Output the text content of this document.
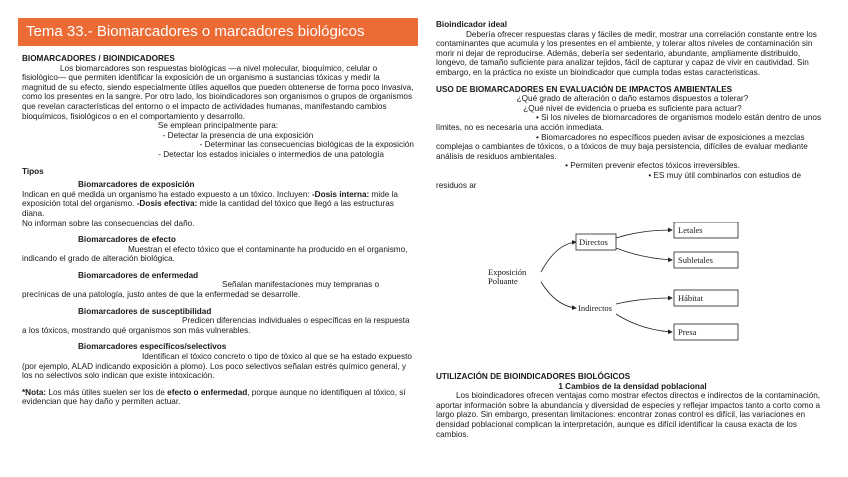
Tema 33.- Biomarcadores o marcadores biológicos

BIOMARCADORES / BIOINDICADORES

Los biomarcadores son respuestas biológicas —a nivel molecular, bioquímico, celular o fisiológico— que permiten identificar la exposición de un organismo a sustancias tóxicas y medir la magnitud de su efecto, siendo especialmente útiles aquellos que pueden obtenerse de forma poco invasiva, como los presentes en la sangre. Por otro lado, los bioindicadores son organismos o grupos de organismos que revelan características del entorno o el impacto de actividades humanas, manifestando cambios bioquímicos, fisiológicos o en el comportamiento y desarrollo.

Se emplean principalmente para:

- Detectar la presencia de una exposición

- Determinar las consecuencias biológicas de la exposición

- Detectar los estados iniciales o intermedios de una patología

Tipos

Biomarcadores de exposición

Indican en qué medida un organismo ha estado expuesto a un tóxico. Incluyen: -Dosis interna: mide la exposición total del organismo. -Dosis efectiva: mide la cantidad del tóxico que llegó a las estructuras diana.

No informan sobre las consecuencias del daño.

Biomarcadores de efecto

Muestran el efecto tóxico que el contaminante ha producido en el organismo, indicando el grado de alteración biológica.

Biomarcadores de enfermedad

Señalan manifestaciones muy tempranas o precínicas de una patología, justo antes de que la enfermedad se desarrolle.

Biomarcadores de susceptibilidad

Predicen diferencias individuales o específicas en la respuesta a los tóxicos, mostrando qué organismos son más vulnerables.

Biomarcadores específicos/selectivos

Identifican el tóxico concreto o tipo de tóxico al que se ha estado expuesto (por ejemplo, ALAD indicando exposición a plomo). Los poco selectivos señalan estrés químico general, y los no selectivos solo indican que existe intoxicación.

*Nota: Los más útiles suelen ser los de efecto o enfermedad, porque aunque no identifiquen al tóxico, sí evidencian que hay daño y permiten actuar.

Bioindicador ideal

Debería ofrecer respuestas claras y fáciles de medir, mostrar una correlación constante entre los contaminantes que acumula y los presentes en el ambiente, y tolerar altos niveles de contaminación sin morir ni dejar de reproducirse. Además, debería ser sedentario, abundante, ampliamente distribuido, longevo, de tamaño suficiente para analizar tejidos, fácil de capturar y capaz de vivir en cautividad. Sin embargo, en la práctica no existe un bioindicador que cumpla todas estas caracteristicas.

USO DE BIOMARCADORES EN EVALUACIÓN DE IMPACTOS AMBIENTALES

¿Qué grado de alteración o daño estamos dispuestos a tolerar?

¿Qué nivel de evidencia o prueba es suficiente para actuar?

• Si los niveles de biomarcadores de organismos modelo están dentro de unos límites, no es necesaria una acción inmediata.

• Biomarcadores no específicos pueden avisar de exposiciones a mezclas complejas o cambiantes de tóxicos, o a tóxicos de muy baja persistencia, difíciles de evaluar mediante análisis de residuos ambientales.

• Permiten prevenir efectos tóxicos irreversibles.

• ES muy útil combinarlos con estudios de

residuos ar

Exposición Poluante
Directos
Indirectos
Letales
Subletales
Hábitat
Presa

UTILIZACIÓN DE BIOINDICADORES BIOLÓGICOS

1 Cambios de la densidad poblacional

Los bioindicadores ofrecen ventajas como mostrar efectos directos e indirectos de la contaminación, aportar información sobre la abundancia y diversidad de especies y reflejar impactos tanto a corto como a largo plazo. Sin embargo, presentan limitaciones: encontrar zonas control es difícil, las variaciones en densidad poblacional complican la interpretación, aunque es difícil identificar la causa exacta de los cambios.
